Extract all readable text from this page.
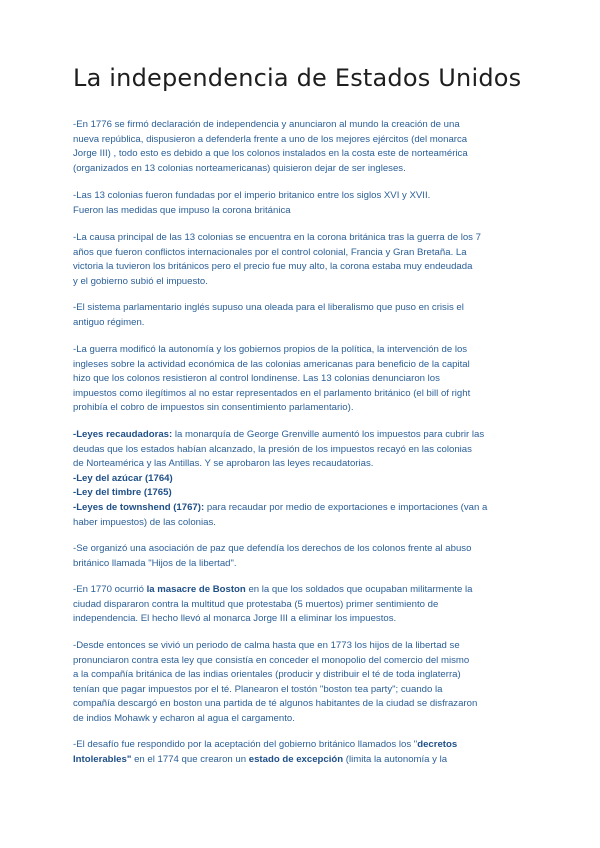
La independencia de Estados Unidos
-En 1776 se firmó declaración de independencia y anunciaron al mundo la creación de una
nueva república, dispusieron a defenderla frente a uno de los mejores ejércitos (del monarca
Jorge III) , todo esto es debido a que los colonos instalados en la costa este de norteamérica
(organizados en 13 colonias norteamericanas) quisieron dejar de ser ingleses.
-Las 13 colonias fueron fundadas por el imperio britanico entre los siglos XVI y XVII.
Fueron las medidas que impuso la corona británica
-La causa principal de las 13 colonias se encuentra en la corona británica tras la guerra de los 7
años que fueron conflictos internacionales por el control colonial, Francia y Gran Bretaña. La
victoria la tuvieron los británicos pero el precio fue muy alto, la corona estaba muy endeudada
y el gobierno subió el impuesto.
-El sistema parlamentario inglés supuso una oleada para el liberalismo que puso en crisis el
antiguo régimen.
-La guerra modificó la autonomía y los gobiernos propios de la política, la intervención de los
ingleses sobre la actividad económica de las colonias americanas para beneficio de la capital
hizo que los colonos resistieron al control londinense. Las 13 colonias denunciaron los
impuestos como ilegítimos al no estar representados en el parlamento británico (el bill of right
prohibía el cobro de impuestos sin consentimiento parlamentario).
-Leyes recaudadoras: la monarquía de George Grenville aumentó los impuestos para cubrir las
deudas que los estados habían alcanzado, la presión de los impuestos recayó en las colonias
de Norteamérica y las Antillas. Y se aprobaron las leyes recaudatorias.
-Ley del azúcar (1764)
-Ley del timbre (1765)
-Leyes de townshend (1767): para recaudar por medio de exportaciones e importaciones (van a
haber impuestos) de las colonias.
-Se organizó una asociación de paz que defendía los derechos de los colonos frente al abuso
británico llamada "Hijos de la libertad".
-En 1770 ocurrió la masacre de Boston en la que los soldados que ocupaban militarmente la
ciudad dispararon contra la multitud que protestaba (5 muertos) primer sentimiento de
independencia. El hecho llevó al monarca Jorge III a eliminar los impuestos.
-Desde entonces se vivió un periodo de calma hasta que en 1773 los hijos de la libertad se
pronunciaron contra esta ley que consistía en conceder el monopolio del comercio del mismo
a la compañía británica de las indias orientales (producir y distribuir el té de toda inglaterra)
tenían que pagar impuestos por el té. Planearon el tostón "boston tea party"; cuando la
compañía descargó en boston una partida de té algunos habitantes de la ciudad se disfrazaron
de indios Mohawk y echaron al agua el cargamento.
-El desafío fue respondido por la aceptación del gobierno británico llamados los "decretos
Intolerables" en el 1774 que crearon un estado de excepción (limita la autonomía y la
